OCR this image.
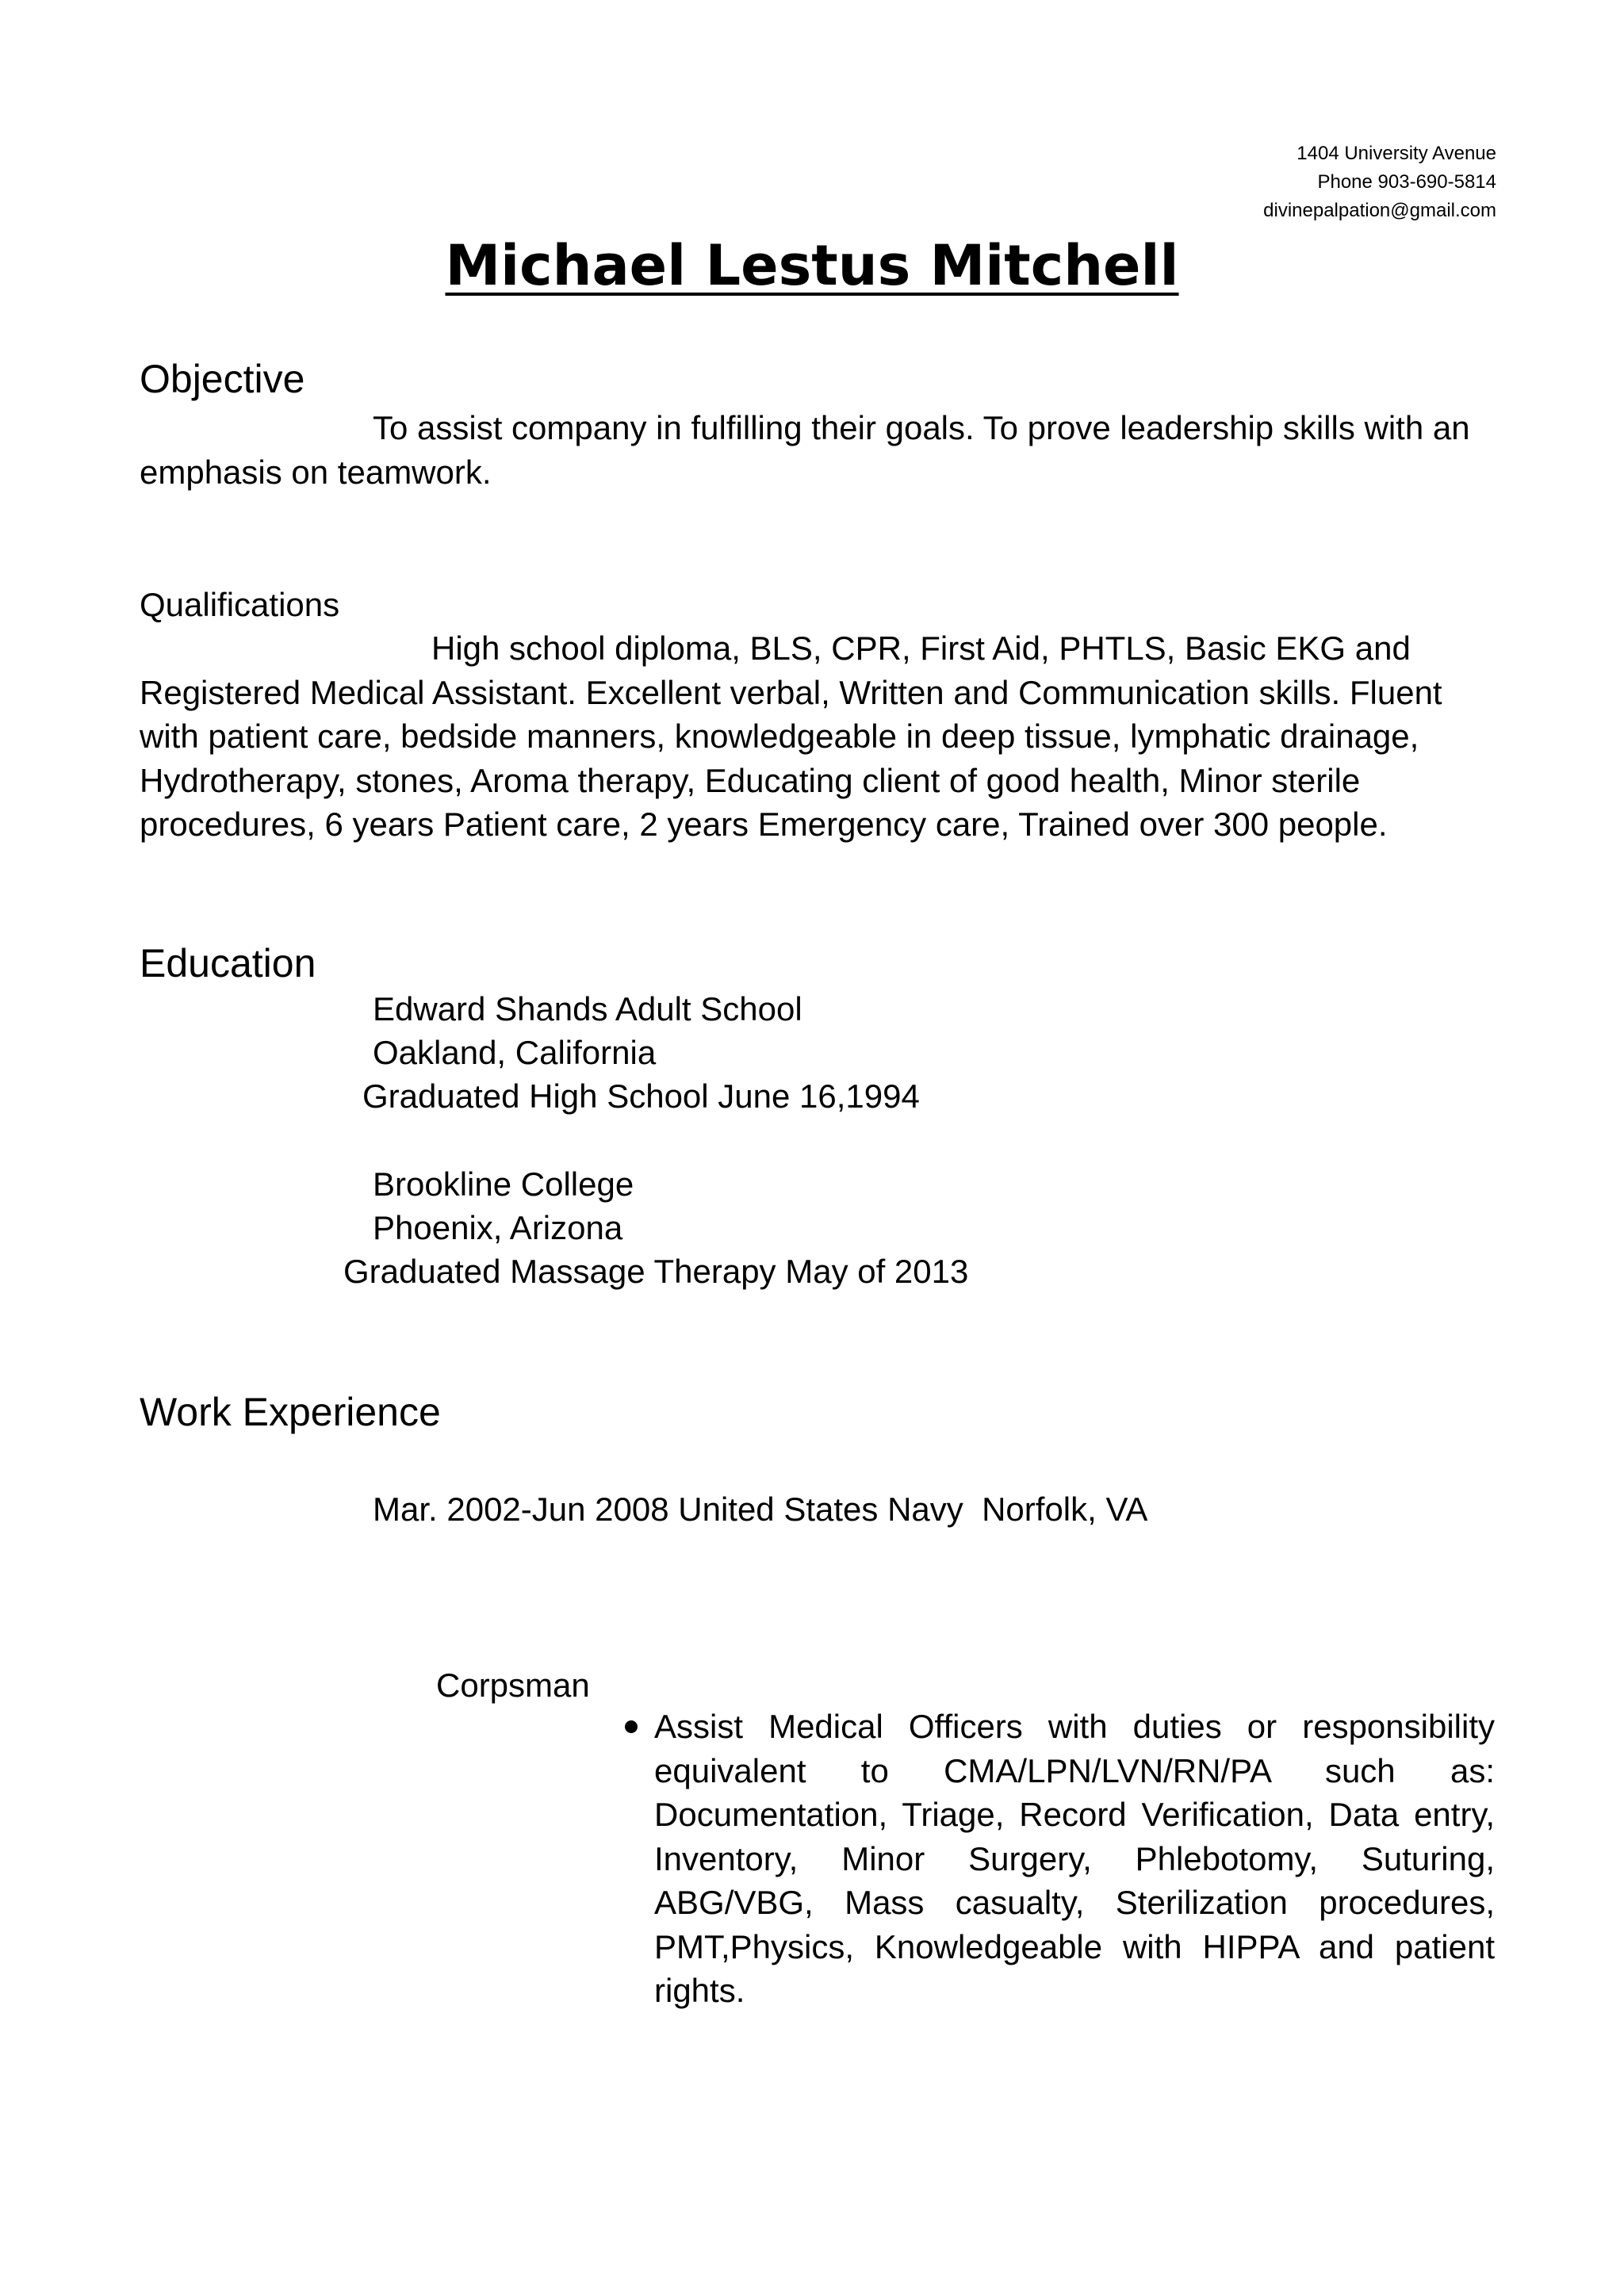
1404 University Avenue
Phone 903-690-5814
divinepalpation@gmail.com
Michael Lestus Mitchell
Objective
To assist company in fulfilling their goals. To prove leadership skills with an emphasis on teamwork.
Qualifications
High school diploma, BLS, CPR, First Aid, PHTLS, Basic EKG and Registered Medical Assistant. Excellent verbal, Written and Communication skills. Fluent with patient care, bedside manners, knowledgeable in deep tissue, lymphatic drainage, Hydrotherapy, stones, Aroma therapy, Educating client of good health, Minor sterile procedures, 6 years Patient care, 2 years Emergency care, Trained over 300 people.
Education
Edward Shands Adult School
Oakland, California
Graduated High School June 16,1994
Brookline College
Phoenix, Arizona
Graduated Massage Therapy May of 2013
Work Experience
Mar. 2002-Jun 2008 United States Navy  Norfolk, VA
Corpsman
Assist Medical Officers with duties or responsibility equivalent to CMA/LPN/LVN/RN/PA such as: Documentation, Triage, Record Verification, Data entry, Inventory, Minor Surgery, Phlebotomy, Suturing, ABG/VBG, Mass casualty, Sterilization procedures, PMT,Physics, Knowledgeable with HIPPA and patient rights.
